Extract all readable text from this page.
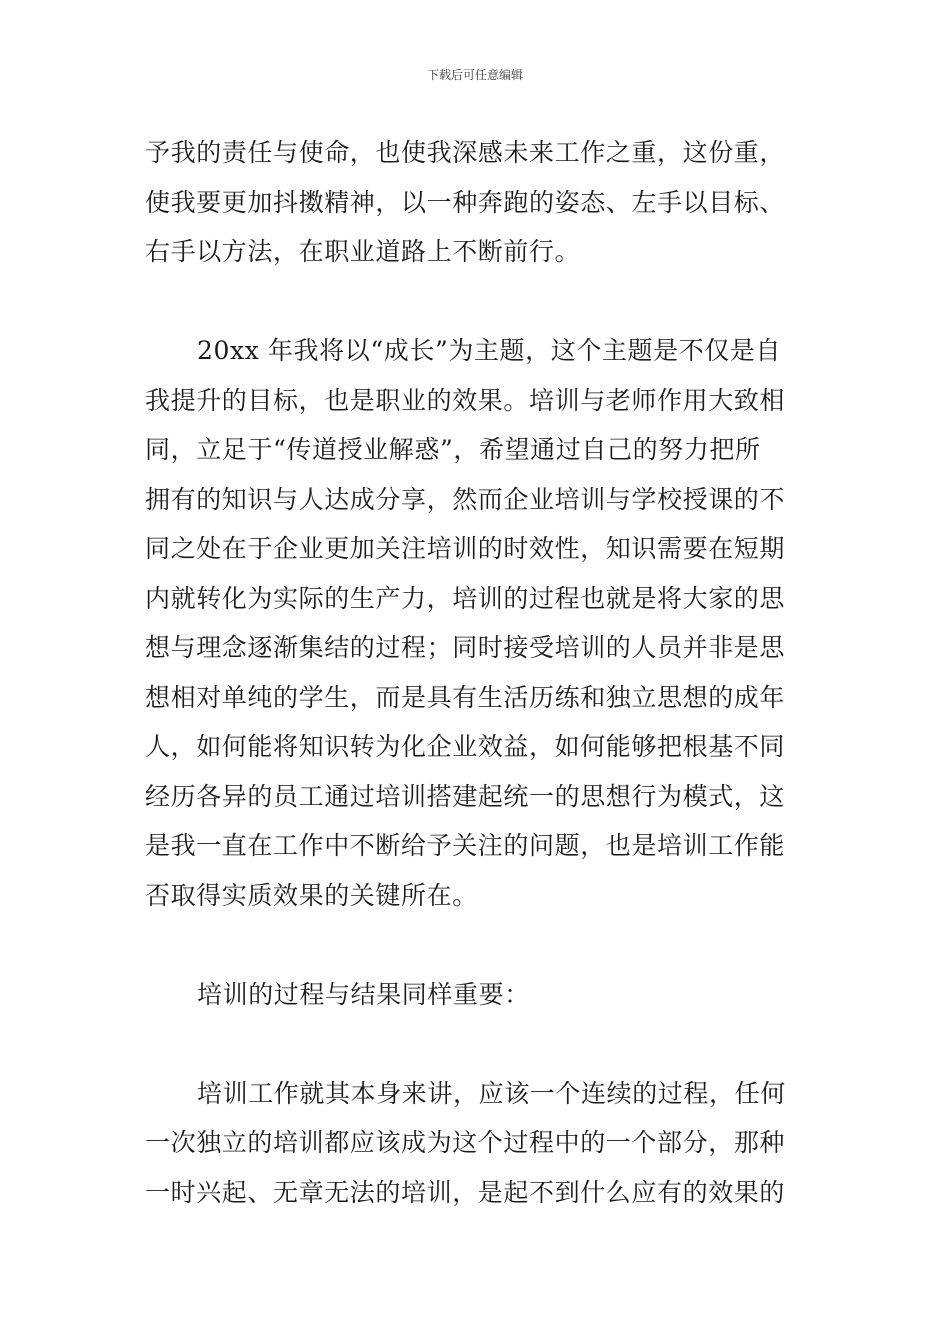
下载后可任意编辑
予我的责任与使命，也使我深感未来工作之重，这份重，
使我要更加抖擞精神，以一种奔跑的姿态、左手以目标、
右手以方法，在职业道路上不断前行。
20xx 年我将以“成长”为主题，这个主题是不仅是自
我提升的目标，也是职业的效果。培训与老师作用大致相
同，立足于“传道授业解惑”，希望通过自己的努力把所
拥有的知识与人达成分享，然而企业培训与学校授课的不
同之处在于企业更加关注培训的时效性，知识需要在短期
内就转化为实际的生产力，培训的过程也就是将大家的思
想与理念逐渐集结的过程；同时接受培训的人员并非是思
想相对单纯的学生，而是具有生活历练和独立思想的成年
人，如何能将知识转为化企业效益，如何能够把根基不同
经历各异的员工通过培训搭建起统一的思想行为模式，这
是我一直在工作中不断给予关注的问题，也是培训工作能
否取得实质效果的关键所在。
培训的过程与结果同样重要：
培训工作就其本身来讲，应该一个连续的过程，任何
一次独立的培训都应该成为这个过程中的一个部分，那种
一时兴起、无章无法的培训，是起不到什么应有的效果的
